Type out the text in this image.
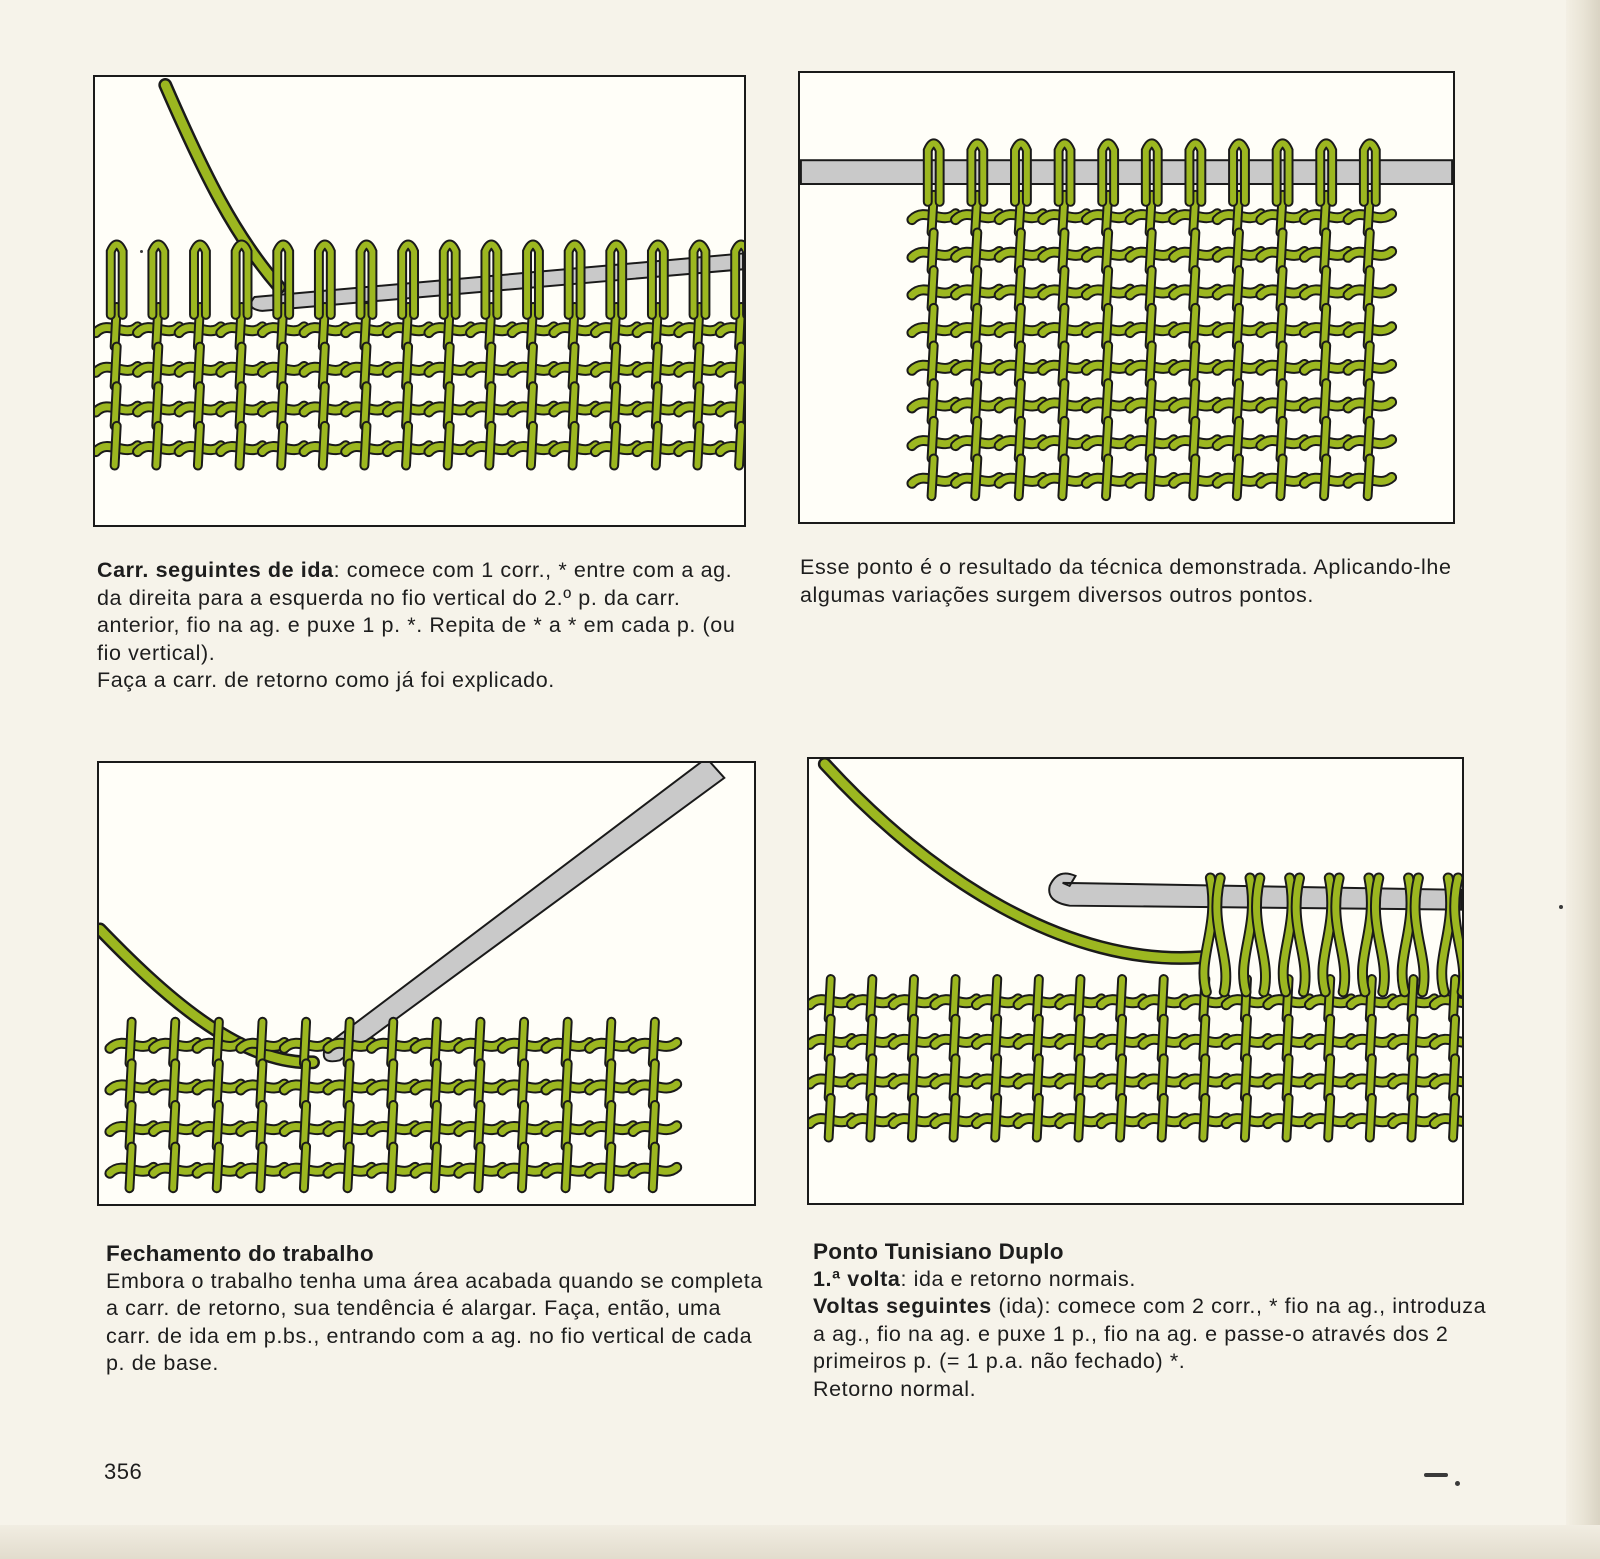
Carr. seguintes de ida: comece com 1 corr., * entre com a ag. da direita para a esquerda no fio vertical do 2.º p. da carr. anterior, fio na ag. e puxe 1 p. *. Repita de * a * em cada p. (ou fio vertical).
Faça a carr. de retorno como já foi explicado.

Esse ponto é o resultado da técnica demonstrada. Aplicando-lhe algumas variações surgem diversos outros pontos.

Fechamento do trabalho
Embora o trabalho tenha uma área acabada quando se completa a carr. de retorno, sua tendência é alargar. Faça, então, uma carr. de ida em p.bs., entrando com a ag. no fio vertical de cada p. de base.

Ponto Tunisiano Duplo
1.ª volta: ida e retorno normais.
Voltas seguintes (ida): comece com 2 corr., * fio na ag., introduza a ag., fio na ag. e puxe 1 p., fio na ag. e passe-o através dos 2 primeiros p. (= 1 p.a. não fechado) *.
Retorno normal.

356
